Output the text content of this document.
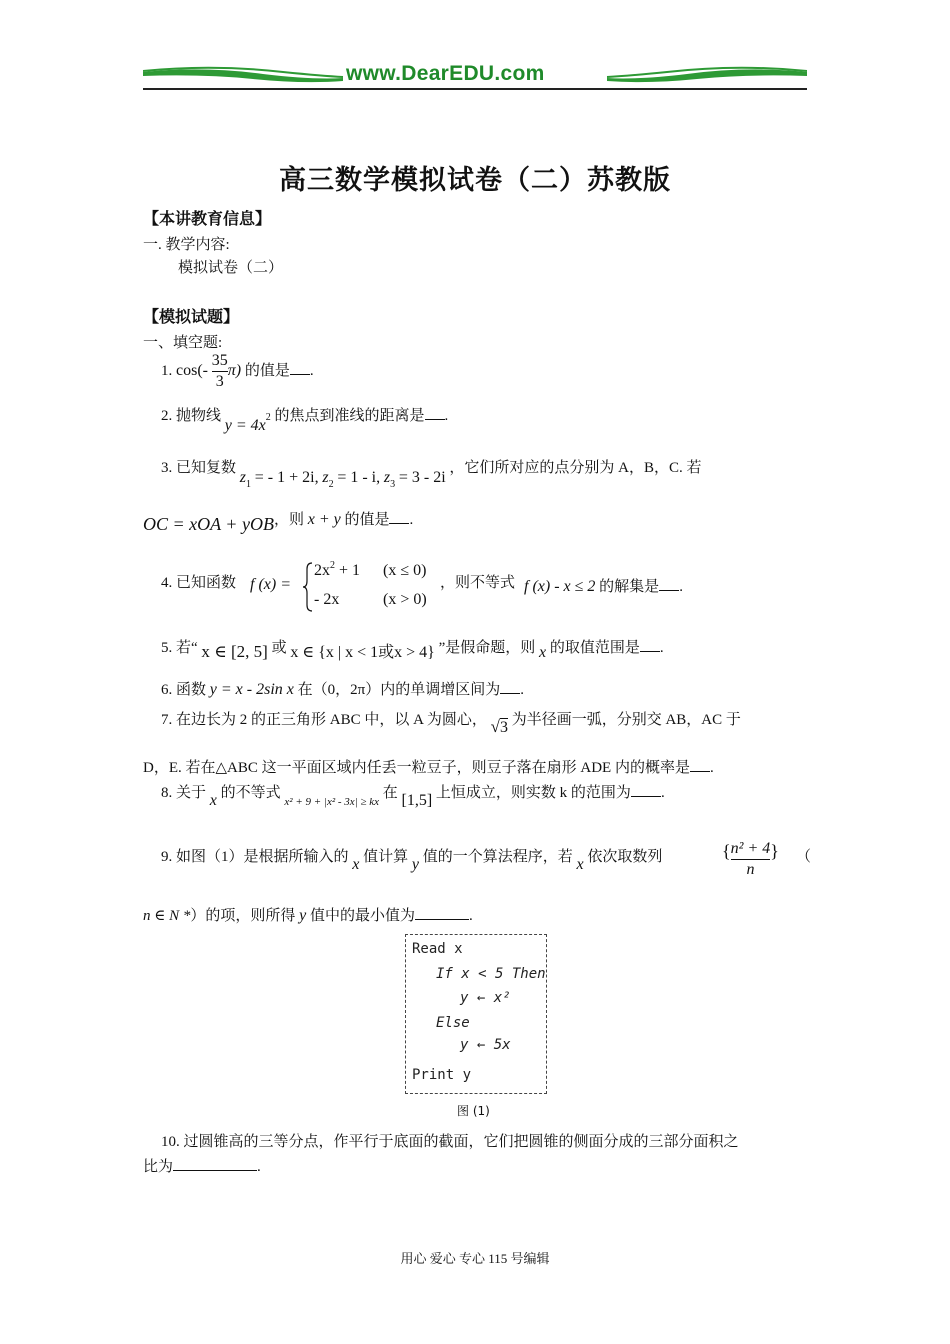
www.DearEDU.com
高三数学模拟试卷（二）苏教版
【本讲教育信息】
一. 教学内容:
模拟试卷（二）
【模拟试题】
一、填空题:
1. $\cos(- \frac{35}{3} \pi)$ 的值是 .
2. 抛物线 y = 4x2 的焦点到准线的距离是 .
3. 已知复数 $z_1$ = - 1 + 2i, $z_2 = 1 - i$, $z_3 = 3 - 2i$ ，它们所对应的点分别为 A，B，C. 若
OC = xOA + yOB，则 x + y 的值是 .
4. 已知函数 f (x) =
$2x^2 + 1$ (x ≤ 0)
- 2x	(x > 0)
，则不等式 f (x) - x ≤ 2 的解集是 .
5. 若“ x ∈ [2, 5] 或 x ∈ {x | x < 1或x > 4} ”是假命题，则 x 的取值范围是 .
6. 函数 y = x - 2sin x 在（0，2π）内的单调增区间为 .
7. 在边长为 2 的正三角形 ABC 中，以 A 为圆心， √3 为半径画一弧，分别交 AB，AC 于
D，E. 若在△ABC 这一平面区域内任丢一粒豆子，则豆子落在扇形 ADE 内的概率是 .
8. 关于 x 的不等式 $_{x^2 + 9 + |x^2 - 3x| \ge kx}$ 在 [1,5] 上恒成立，则实数 k 的范围为 .
9. 如图（1）是根据所输入的 x 值计算 y 值的一个算法程序，若 x 依次取数列	{ $\frac{\text{n² + 4}}{n}$ } （
n ∈ N *）的项，则所得 y 值中的最小值为	.
Read x
If x < 5 Then
y ← x²
Else
y ← 5x
Print y
图 (1)
10. 过圆锥高的三等分点，作平行于底面的截面，它们把圆锥的侧面分成的三部分面积之
比为	.
用心 爱心 专心 115 号编辑
